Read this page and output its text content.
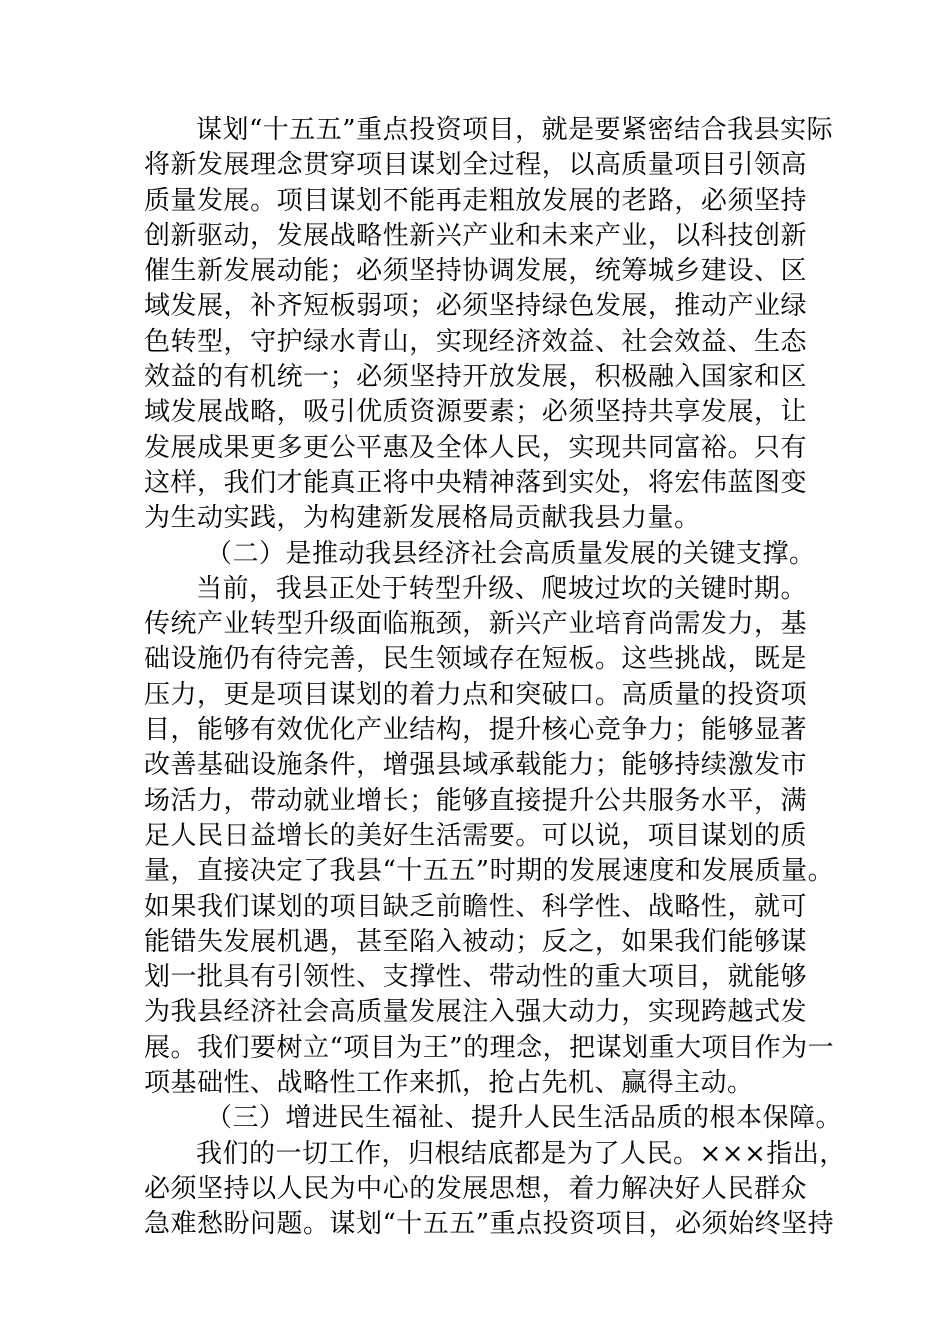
谋划“十五五”重点投资项目，就是要紧密结合我县实际
将新发展理念贯穿项目谋划全过程，以高质量项目引领高
质量发展。项目谋划不能再走粗放发展的老路，必须坚持
创新驱动，发展战略性新兴产业和未来产业，以科技创新
催生新发展动能；必须坚持协调发展，统筹城乡建设、区
域发展，补齐短板弱项；必须坚持绿色发展，推动产业绿
色转型，守护绿水青山，实现经济效益、社会效益、生态
效益的有机统一；必须坚持开放发展，积极融入国家和区
域发展战略，吸引优质资源要素；必须坚持共享发展，让
发展成果更多更公平惠及全体人民，实现共同富裕。只有
这样，我们才能真正将中央精神落到实处，将宏伟蓝图变
为生动实践，为构建新发展格局贡献我县力量。
（二）是推动我县经济社会高质量发展的关键支撑。
当前，我县正处于转型升级、爬坡过坎的关键时期。
传统产业转型升级面临瓶颈，新兴产业培育尚需发力，基
础设施仍有待完善，民生领域存在短板。这些挑战，既是
压力，更是项目谋划的着力点和突破口。高质量的投资项
目，能够有效优化产业结构，提升核心竞争力；能够显著
改善基础设施条件，增强县域承载能力；能够持续激发市
场活力，带动就业增长；能够直接提升公共服务水平，满
足人民日益增长的美好生活需要。可以说，项目谋划的质
量，直接决定了我县“十五五”时期的发展速度和发展质量。
如果我们谋划的项目缺乏前瞻性、科学性、战略性，就可
能错失发展机遇，甚至陷入被动；反之，如果我们能够谋
划一批具有引领性、支撑性、带动性的重大项目，就能够
为我县经济社会高质量发展注入强大动力，实现跨越式发
展。我们要树立“项目为王”的理念，把谋划重大项目作为一
项基础性、战略性工作来抓，抢占先机、赢得主动。
（三）增进民生福祉、提升人民生活品质的根本保障。
我们的一切工作，归根结底都是为了人民。×××指出，
必须坚持以人民为中心的发展思想，着力解决好人民群众
急难愁盼问题。谋划“十五五”重点投资项目，必须始终坚持
